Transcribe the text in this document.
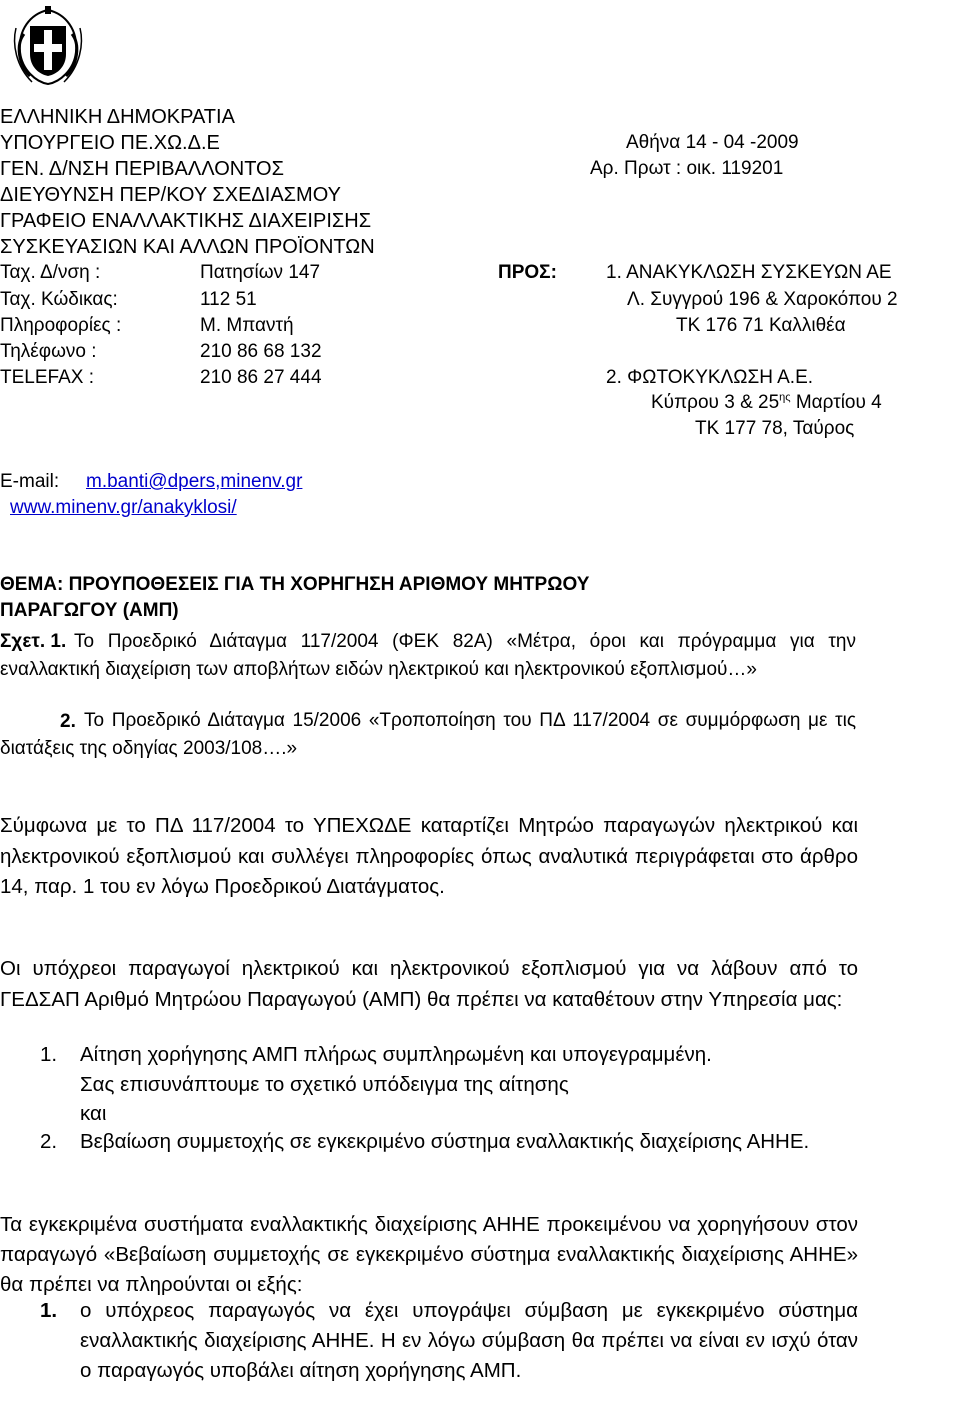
ΕΛΛΗΝΙΚΗ ΔΗΜΟΚΡΑΤΙΑ
ΥΠΟΥΡΓΕΙΟ ΠΕ.ΧΩ.Δ.Ε
ΓΕΝ. Δ/ΝΣΗ ΠΕΡΙΒΑΛΛΟΝΤΟΣ
ΔΙΕΥΘΥΝΣΗ ΠΕΡ/ΚΟΥ ΣΧΕΔΙΑΣΜΟΥ
ΓΡΑΦΕΙΟ ΕΝΑΛΛΑΚΤΙΚΗΣ ΔΙΑΧΕΙΡΙΣΗΣ
ΣΥΣΚΕΥΑΣΙΩΝ ΚΑΙ ΑΛΛΩΝ ΠΡΟΪΟΝΤΩΝ
Αθήνα 14 - 04 -2009
Αρ. Πρωτ : οικ. 119201
Ταχ. Δ/νση :	Πατησίων 147	ΠΡΟΣ:	1. ΑΝΑΚΥΚΛΩΣΗ ΣΥΣΚΕΥΩΝ ΑΕ
Ταχ. Κώδικας:	112 51	Λ. Συγγρού 196 & Χαροκόπου 2
Πληροφορίες :	Μ. Μπαντή	ΤΚ 176 71 Καλλιθέα
Τηλέφωνο :	210 86 68 132
TELEFAX :	210 86 27 444	2. ΦΩΤΟΚΥΚΛΩΣΗ Α.Ε.
Κύπρου 3 & $25^{\eta\varsigma}$ Μαρτίου 4
ΤΚ 177 78, Ταύρος
E-mail: m.banti@dpers,minenv.gr
www.minenv.gr/anakyklosi/
ΘΕΜΑ: ΠΡΟΥΠΟΘΕΣΕΙΣ ΓΙΑ ΤΗ ΧΟΡΗΓΗΣΗ ΑΡΙΘΜΟΥ ΜΗΤΡΩΟΥ
ΠΑΡΑΓΩΓΟΥ (ΑΜΠ)
Σχετ. 1. Το Προεδρικό Διάταγμα 117/2004 (ΦΕΚ 82Α) «Μέτρα, όροι και πρόγραμμα για την εναλλακτική διαχείριση των αποβλήτων ειδών ηλεκτρικού και ηλεκτρονικού εξοπλισμού…»
2. Το Προεδρικό Διάταγμα 15/2006 «Τροποποίηση του ΠΔ 117/2004 σε συμμόρφωση με τις διατάξεις της οδηγίας 2003/108….»
Σύμφωνα με το ΠΔ 117/2004 το ΥΠΕΧΩΔΕ καταρτίζει Μητρώο παραγωγών ηλεκτρικού και ηλεκτρονικού εξοπλισμού και συλλέγει πληροφορίες όπως αναλυτικά περιγράφεται στο άρθρο 14, παρ. 1 του εν λόγω Προεδρικού Διατάγματος.
Οι υπόχρεοι παραγωγοί ηλεκτρικού και ηλεκτρονικού εξοπλισμού για να λάβουν από το ΓΕΔΣΑΠ Αριθμό Μητρώου Παραγωγού (ΑΜΠ) θα πρέπει να καταθέτουν στην Υπηρεσία μας:
1. Αίτηση χορήγησης ΑΜΠ πλήρως συμπληρωμένη και υπογεγραμμένη.
Σας επισυνάπτουμε το σχετικό υπόδειγμα της αίτησης
και
2. Βεβαίωση συμμετοχής σε εγκεκριμένο σύστημα εναλλακτικής διαχείρισης ΑΗΗΕ.
Τα εγκεκριμένα συστήματα εναλλακτικής διαχείρισης ΑΗΗΕ προκειμένου να χορηγήσουν στον παραγωγό «Βεβαίωση συμμετοχής σε εγκεκριμένο σύστημα εναλλακτικής διαχείρισης ΑΗΗΕ» θα πρέπει να πληρούνται οι εξής:
1. ο υπόχρεος παραγωγός να έχει υπογράψει σύμβαση με εγκεκριμένο σύστημα εναλλακτικής διαχείρισης ΑΗΗΕ. Η εν λόγω σύμβαση θα πρέπει να είναι εν ισχύ όταν ο παραγωγός υποβάλει αίτηση χορήγησης ΑΜΠ.
